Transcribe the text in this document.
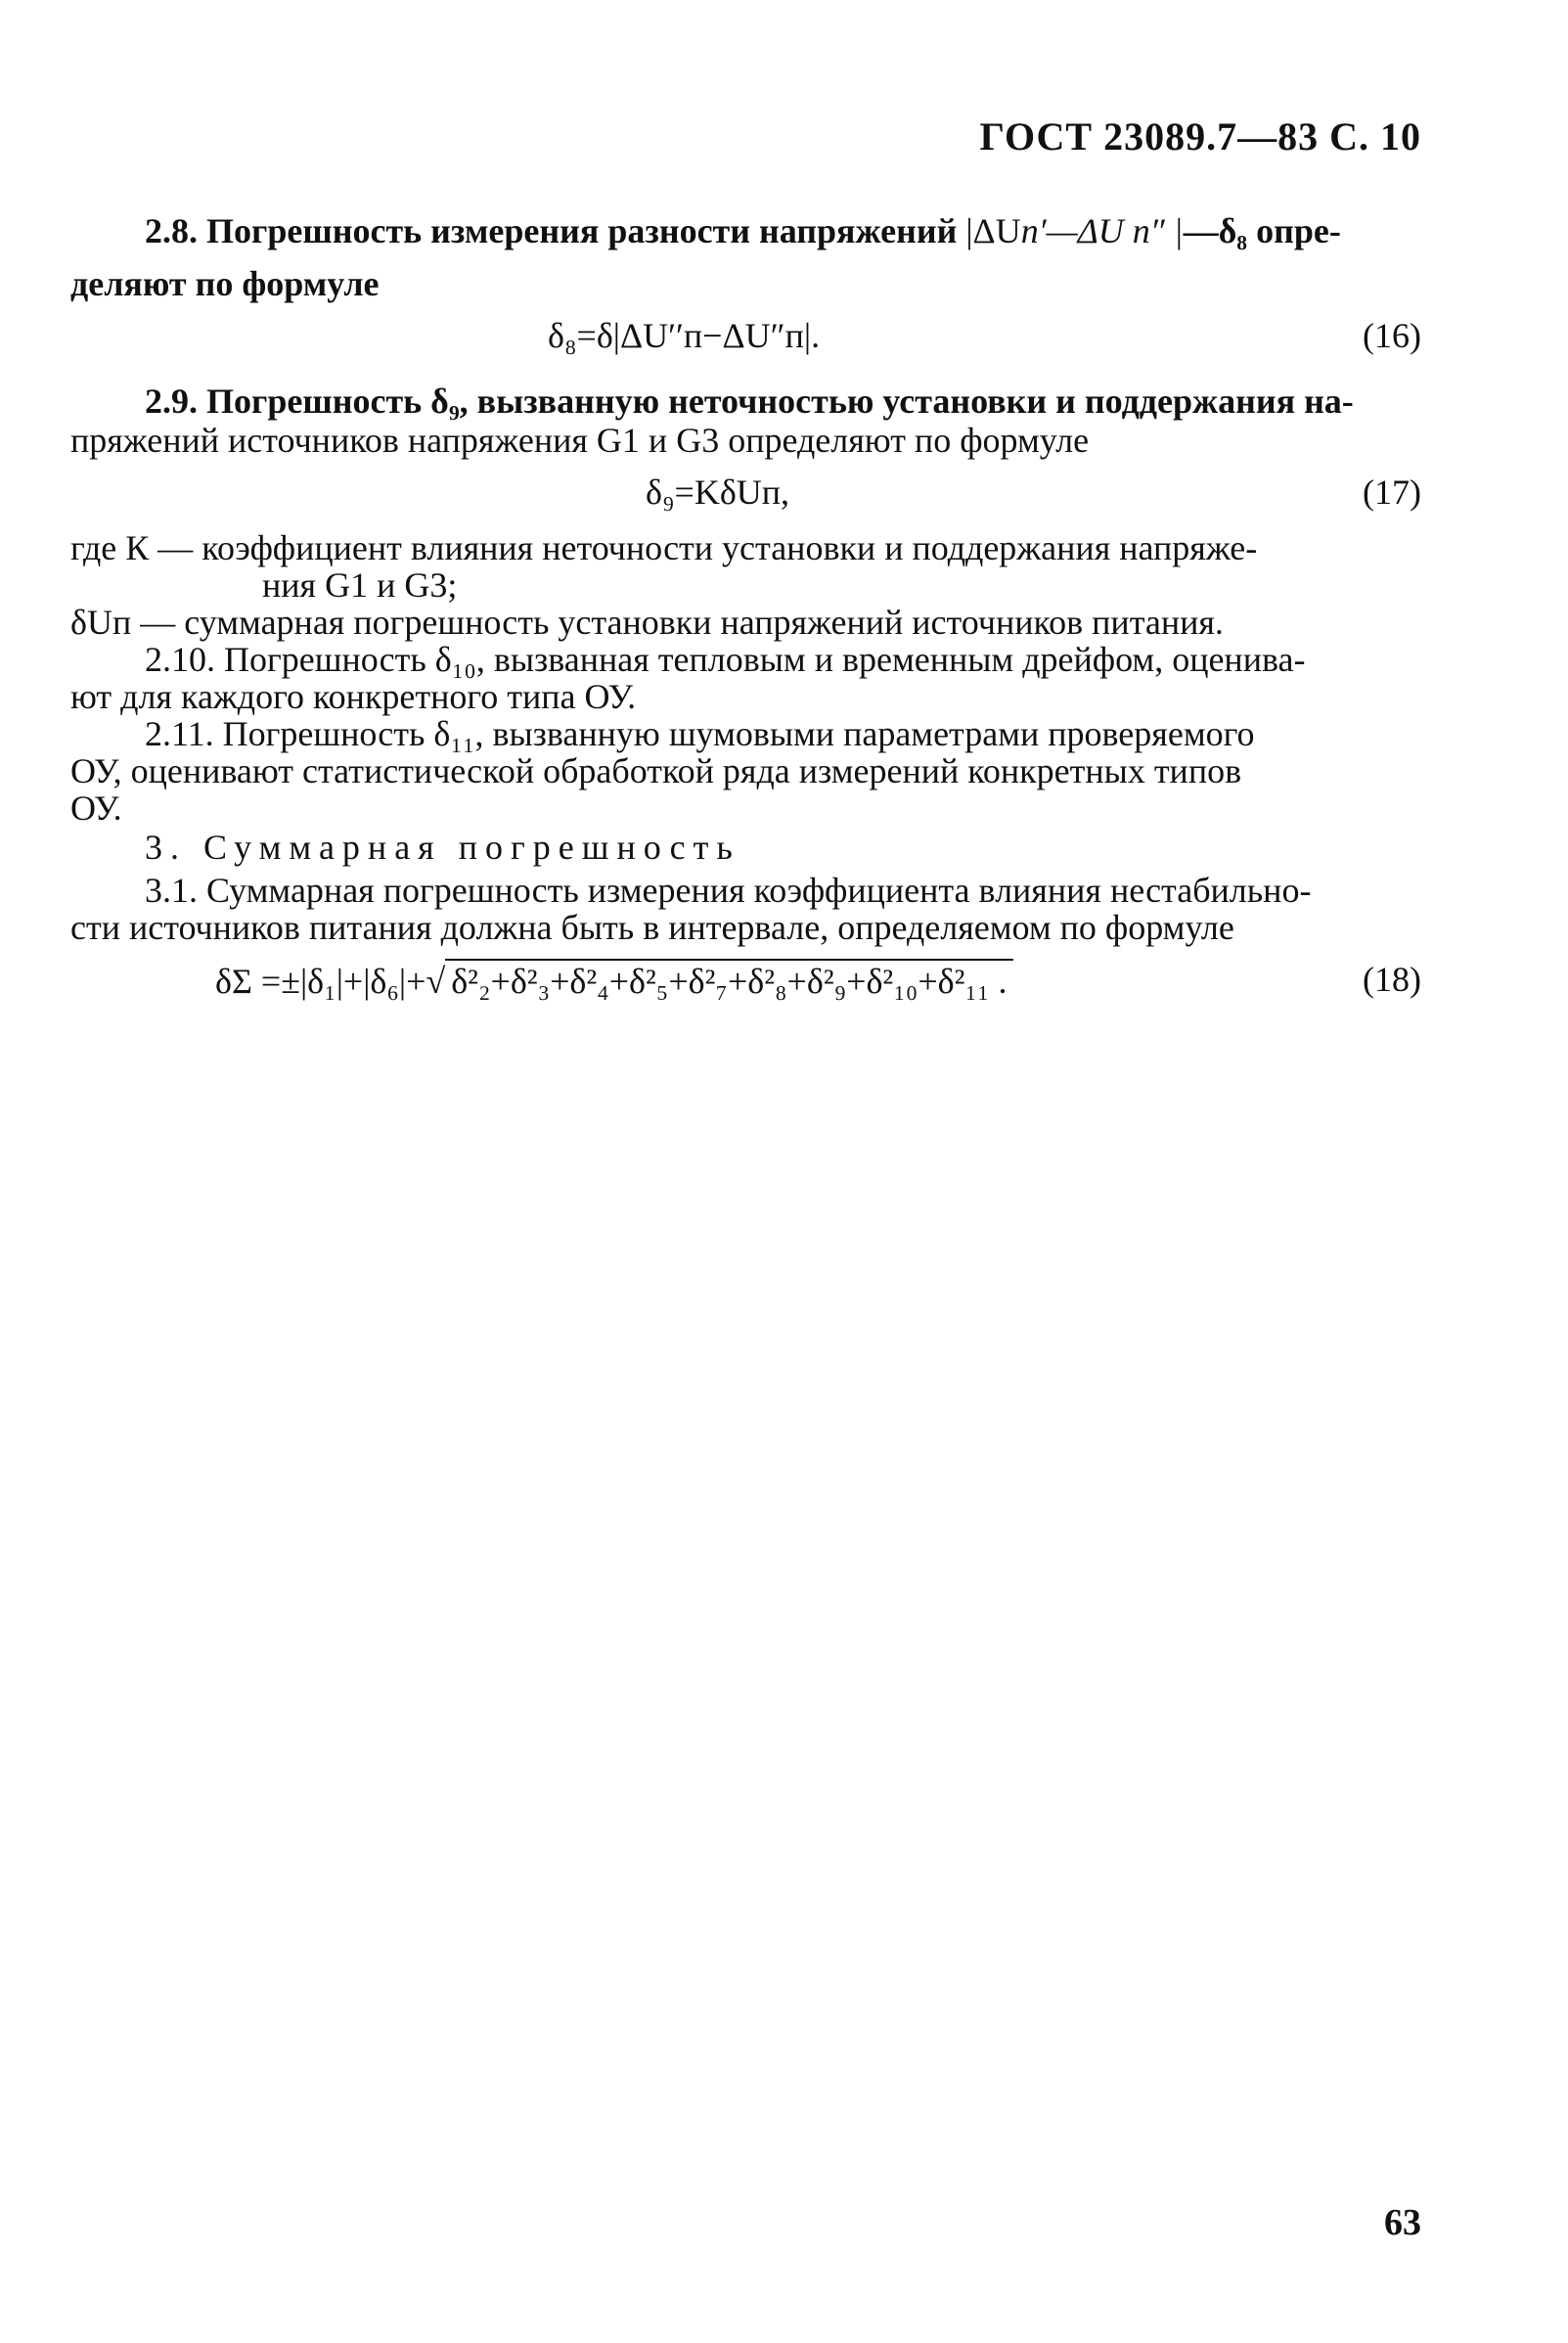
ГОСТ 23089.7—83 С. 10
2.8. Погрешность измерения разности напряжений |ΔUп′—ΔU п″ |—δ₈ опре-
деляют по формуле
δ₈=δ|ΔU′′п−ΔU″п|.	(16)
2.9. Погрешность δ₉, вызванную неточностью установки и поддержания на-
пряжений источников напряжения G1 и G3 определяют по формуле
δ₉=KδUп,	(17)
где К — коэффициент влияния неточности установки и поддержания напряже-
ния G1 и G3;
δUп — суммарная погрешность установки напряжений источников питания.
2.10. Погрешность δ₁₀, вызванная тепловым и временным дрейфом, оценива-
ют для каждого конкретного типа ОУ.
2.11. Погрешность δ₁₁, вызванную шумовыми параметрами проверяемого
ОУ, оценивают статистической обработкой ряда измерений конкретных типов
ОУ.
3. Суммарная погрешность
3.1. Суммарная погрешность измерения коэффициента влияния нестабильно-
сти источников питания должна быть в интервале, определяемом по формуле
δΣ =±|δ₁|+|δ₆|+√ δ²₂+δ²₃+δ²₄+δ²₅+δ²₇+δ²₈+δ²₉+δ²₁₀+δ²₁₁ .	(18)
63
